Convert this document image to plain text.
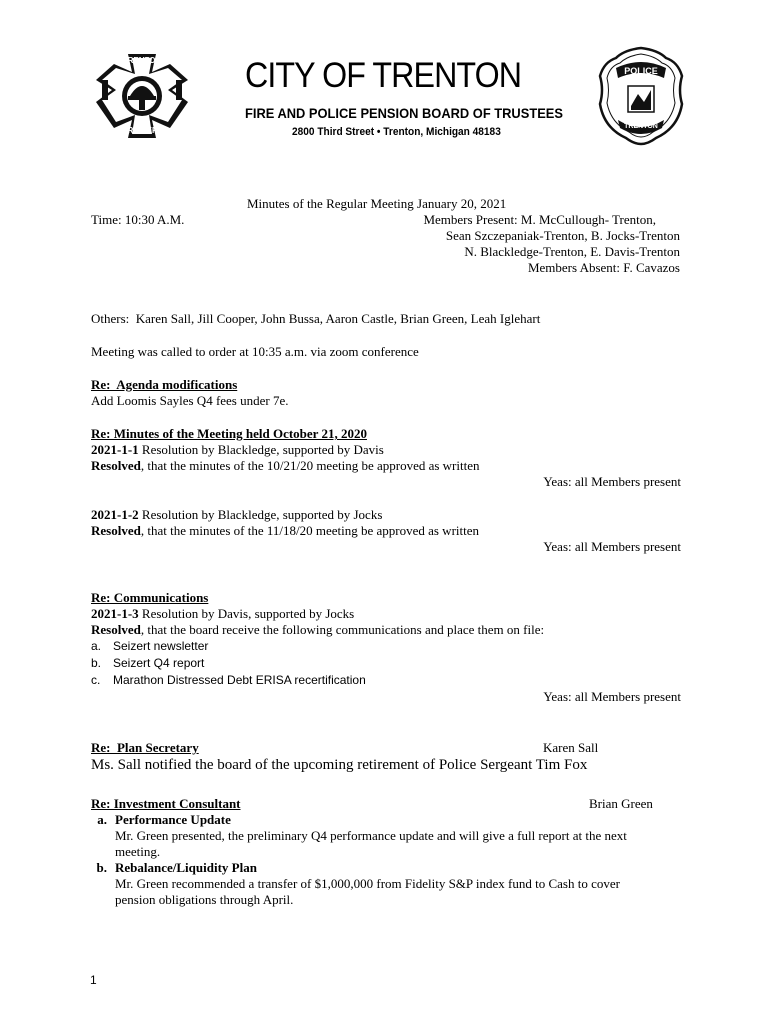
TRENTON
FIRE DEPT.
CITY OF TRENTON
FIRE AND POLICE PENSION BOARD OF TRUSTEES
2800 Third Street • Trenton, Michigan 48183
POLICE
TRENTON
Minutes of the Regular Meeting January 20, 2021
Time: 10:30 A.M.	Members Present: M. McCullough- Trenton,
Sean Szczepaniak-Trenton, B. Jocks-Trenton
N. Blackledge-Trenton, E. Davis-Trenton
Members Absent: F. Cavazos
Others:  Karen Sall, Jill Cooper, John Bussa, Aaron Castle, Brian Green, Leah Iglehart
Meeting was called to order at 10:35 a.m. via zoom conference
Re:  Agenda modifications
Add Loomis Sayles Q4 fees under 7e.
Re: Minutes of the Meeting held October 21, 2020
2021-1-1 Resolution by Blackledge, supported by Davis
Resolved, that the minutes of the 10/21/20 meeting be approved as written
Yeas: all Members present
2021-1-2 Resolution by Blackledge, supported by Jocks
Resolved, that the minutes of the 11/18/20 meeting be approved as written
Yeas: all Members present
Re: Communications
2021-1-3 Resolution by Davis, supported by Jocks
Resolved, that the board receive the following communications and place them on file:
a. Seizert newsletter
b. Seizert Q4 report
c.	Marathon Distressed Debt ERISA recertification
Yeas: all Members present
Re:  Plan Secretary	Karen Sall
Ms. Sall notified the board of the upcoming retirement of Police Sergeant Tim Fox
Re: Investment Consultant	Brian Green
a. Performance Update
Mr. Green presented, the preliminary Q4 performance update and will give a full report at the next meeting.
b. Rebalance/Liquidity Plan
Mr. Green recommended a transfer of $1,000,000 from Fidelity S&P index fund to Cash to cover pension obligations through April.
1
